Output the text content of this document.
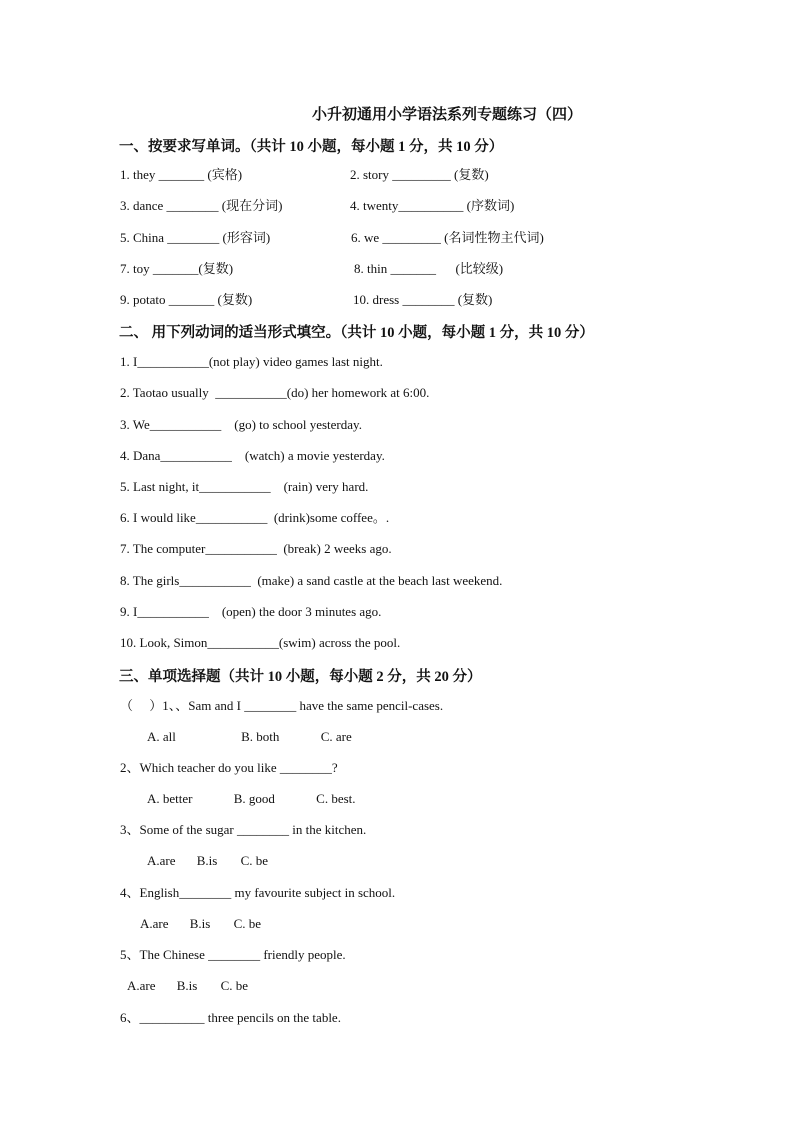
小升初通用小学语法系列专题练习（四）
一、按要求写单词。（共计 10 小题，每小题 1 分，共 10 分）
1. they _______ (宾格)	2. story _________ (复数)
3. dance ________ (现在分词)	4. twenty__________ (序数词)
5. China ________ (形容词)	6. we _________ (名词性物主代词)
7. toy _______(复数)	8. thin _______      (比较级)
9. potato _______ (复数)	10. dress ________ (复数)
二、 用下列动词的适当形式填空。（共计 10 小题，每小题 1 分，共 10 分）
1. I___________(not play) video games last night.
2. Taotao usually  ___________(do) her homework at 6:00.
3. We___________    (go) to school yesterday.
4. Dana___________    (watch) a movie yesterday.
5. Last night, it___________    (rain) very hard.
6. I would like___________  (drink)some coffee。.
7. The computer___________  (break) 2 weeks ago.
8. The girls___________  (make) a sand castle at the beach last weekend.
9. I___________    (open) the door 3 minutes ago.
10. Look, Simon___________(swim) across the pool.
三、单项选择题（共计 10 小题，每小题 2 分，共 20 分）
（     ）1、、Sam and I ________ have the same pencil-cases.
A. all	B. both	C. are
2、Which teacher do you like ________?
A. better	B. good	C. best.
3、Some of the sugar ________ in the kitchen.
A.are B.is C. be
4、English________ my favourite subject in school.
A.are B.is C. be
5、The Chinese ________ friendly people.
A.are B.is C. be
6、__________ three pencils on the table.
